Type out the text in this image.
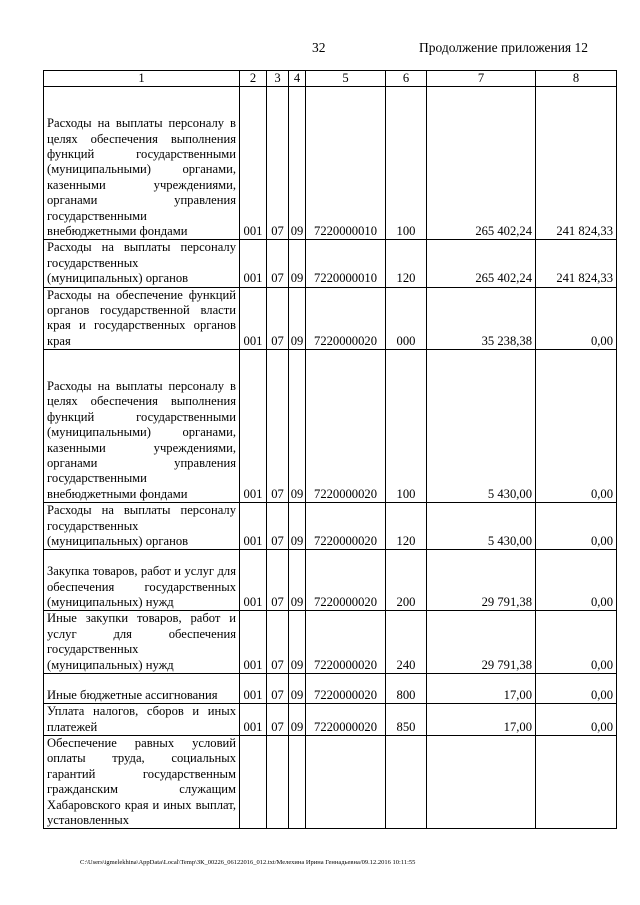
32	Продолжение приложения 12
1	2	3	4	5	6	7	8
Расходы на выплаты персоналу в целях обеспечения выполнения функций государственными (муниципальными) органами, казенными учреждениями, органами управления государственными внебюджетными фондами	001	07	09	7220000010	100	265 402,24	241 824,33
Расходы на выплаты персоналу государственных (муниципальных) органов	001	07	09	7220000010	120	265 402,24	241 824,33
Расходы на обеспечение функций органов государственной власти края и государственных органов края	001	07	09	7220000020	000	35 238,38	0,00
Расходы на выплаты персоналу в целях обеспечения выполнения функций государственными (муниципальными) органами, казенными учреждениями, органами управления государственными внебюджетными фондами	001	07	09	7220000020	100	5 430,00	0,00
Расходы на выплаты персоналу государственных (муниципальных) органов	001	07	09	7220000020	120	5 430,00	0,00
Закупка товаров, работ и услуг для обеспечения государственных (муниципальных) нужд	001	07	09	7220000020	200	29 791,38	0,00
Иные закупки товаров, работ и услуг для обеспечения государственных (муниципальных) нужд	001	07	09	7220000020	240	29 791,38	0,00
Иные бюджетные ассигнования	001	07	09	7220000020	800	17,00	0,00
Уплата налогов, сборов и иных платежей	001	07	09	7220000020	850	17,00	0,00
Обеспечение равных условий оплаты труда, социальных гарантий государственным гражданским служащим Хабаровского края и иных выплат, установленных							
C:\Users\igmelekhina\AppData\Local\Temp\ЗК_00226_06122016_012.txt/Мелехина Ирина Геннадьевна/09.12.2016 10:11:55
